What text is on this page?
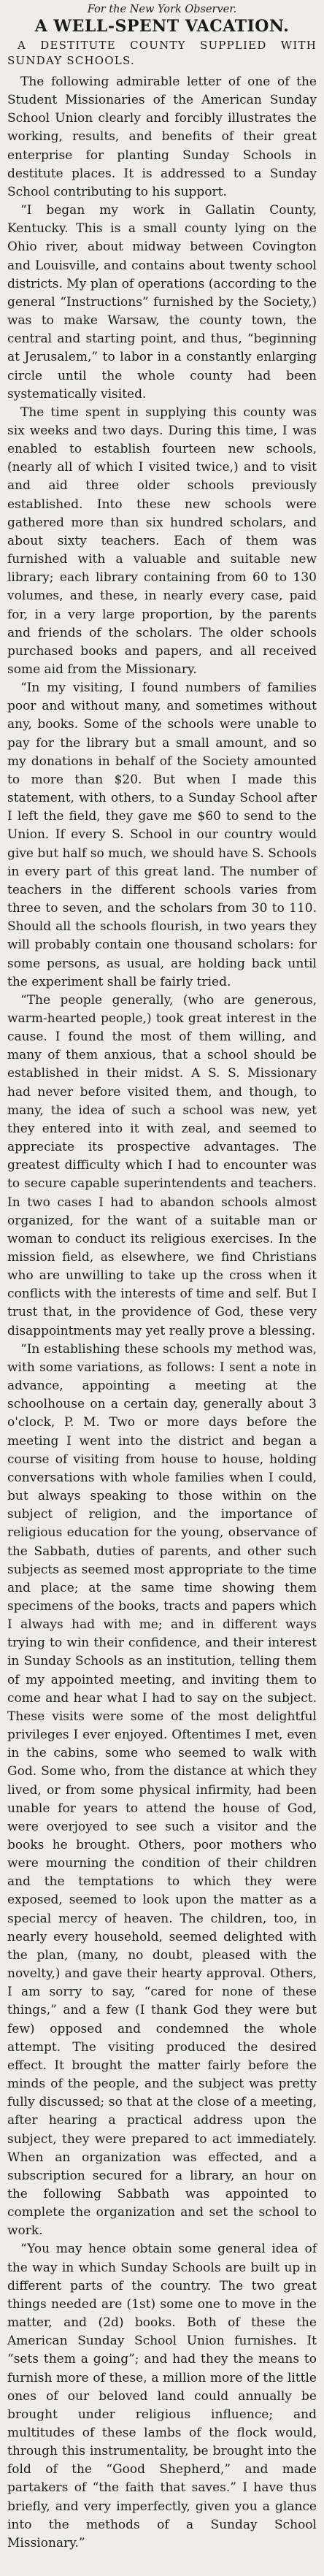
For the New York Observer.

A WELL-SPENT VACATION.

A DESTITUTE COUNTY SUPPLIED WITH SUNDAY SCHOOLS.

The following admirable letter of one of the Student Missionaries of the American Sunday School Union clearly and forcibly illustrates the working, results, and benefits of their great enterprise for planting Sunday Schools in destitute places. It is addressed to a Sunday School contributing to his support.

“I began my work in Gallatin County, Kentucky. This is a small county lying on the Ohio river, about midway between Covington and Louisville, and contains about twenty school districts. My plan of operations (according to the general “Instructions” furnished by the Society,) was to make Warsaw, the county town, the central and starting point, and thus, “beginning at Jerusalem,” to labor in a constantly enlarging circle until the whole county had been systematically visited.

The time spent in supplying this county was six weeks and two days. During this time, I was enabled to establish fourteen new schools, (nearly all of which I visited twice,) and to visit and aid three older schools previously established. Into these new schools were gathered more than six hundred scholars, and about sixty teachers. Each of them was furnished with a valuable and suitable new library; each library containing from 60 to 130 volumes, and these, in nearly every case, paid for, in a very large proportion, by the parents and friends of the scholars. The older schools purchased books and papers, and all received some aid from the Missionary.

“In my visiting, I found numbers of families poor and without many, and sometimes without any, books. Some of the schools were unable to pay for the library but a small amount, and so my donations in behalf of the Society amounted to more than $20. But when I made this statement, with others, to a Sunday School after I left the field, they gave me $60 to send to the Union. If every S. School in our country would give but half so much, we should have S. Schools in every part of this great land. The number of teachers in the different schools varies from three to seven, and the scholars from 30 to 110. Should all the schools flourish, in two years they will probably contain one thousand scholars: for some persons, as usual, are holding back until the experiment shall be fairly tried.

“The people generally, (who are generous, warm-hearted people,) took great interest in the cause. I found the most of them willing, and many of them anxious, that a school should be established in their midst. A S. S. Missionary had never before visited them, and though, to many, the idea of such a school was new, yet they entered into it with zeal, and seemed to appreciate its prospective advantages. The greatest difficulty which I had to encounter was to secure capable superintendents and teachers. In two cases I had to abandon schools almost organized, for the want of a suitable man or woman to conduct its religious exercises. In the mission field, as elsewhere, we find Christians who are unwilling to take up the cross when it conflicts with the interests of time and self. But I trust that, in the providence of God, these very disappointments may yet really prove a blessing.

“In establishing these schools my method was, with some variations, as follows: I sent a note in advance, appointing a meeting at the schoolhouse on a certain day, generally about 3 o'clock, P. M. Two or more days before the meeting I went into the district and began a course of visiting from house to house, holding conversations with whole families when I could, but always speaking to those within on the subject of religion, and the importance of religious education for the young, observance of the Sabbath, duties of parents, and other such subjects as seemed most appropriate to the time and place; at the same time showing them specimens of the books, tracts and papers which I always had with me; and in different ways trying to win their confidence, and their interest in Sunday Schools as an institution, telling them of my appointed meeting, and inviting them to come and hear what I had to say on the subject. These visits were some of the most delightful privileges I ever enjoyed. Oftentimes I met, even in the cabins, some who seemed to walk with God. Some who, from the distance at which they lived, or from some physical infirmity, had been unable for years to attend the house of God, were overjoyed to see such a visitor and the books he brought. Others, poor mothers who were mourning the condition of their children and the temptations to which they were exposed, seemed to look upon the matter as a special mercy of heaven. The children, too, in nearly every household, seemed delighted with the plan, (many, no doubt, pleased with the novelty,) and gave their hearty approval. Others, I am sorry to say, “cared for none of these things,” and a few (I thank God they were but few) opposed and condemned the whole attempt. The visiting produced the desired effect. It brought the matter fairly before the minds of the people, and the subject was pretty fully discussed; so that at the close of a meeting, after hearing a practical address upon the subject, they were prepared to act immediately. When an organization was effected, and a subscription secured for a library, an hour on the following Sabbath was appointed to complete the organization and set the school to work.

“You may hence obtain some general idea of the way in which Sunday Schools are built up in different parts of the country. The two great things needed are (1st) some one to move in the matter, and (2d) books. Both of these the American Sunday School Union furnishes. It “sets them a going”; and had they the means to furnish more of these, a million more of the little ones of our beloved land could annually be brought under religious influence; and multitudes of these lambs of the flock would, through this instrumentality, be brought into the fold of the “Good Shepherd,” and made partakers of “the faith that saves.” I have thus briefly, and very imperfectly, given you a glance into the methods of a Sunday School Missionary.”
